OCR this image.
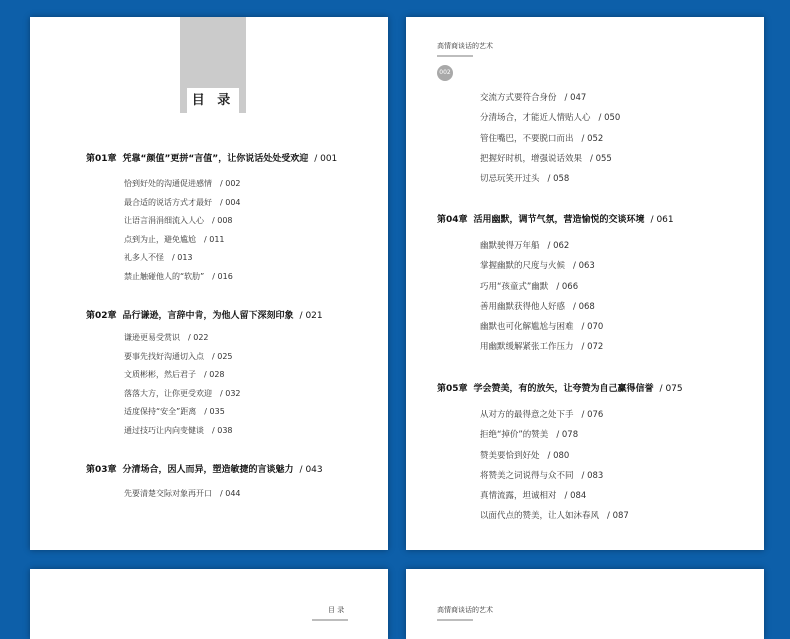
目 录
第01章 凭靠“颜值”更拼“言值”，让你说话处处受欢迎 / 001
恰到好处的沟通促进感情 / 002
最合适的说话方式才最好 / 004
让语言涓涓细流入人心 / 008
点到为止，避免尴尬 / 011
礼多人不怪 / 013
禁止触碰他人的“软肋” / 016
第02章 品行谦逊，言辞中肯，为他人留下深刻印象 / 021
谦逊更易受赏识 / 022
要事先找好沟通切入点 / 025
文质彬彬，然后君子 / 028
落落大方，让你更受欢迎 / 032
适度保持“安全”距离 / 035
通过技巧让内向变健谈 / 038
第03章 分清场合，因人而异，塑造敏捷的言谈魅力 / 043
先要清楚交际对象再开口 / 044
高情商谈话的艺术
002
交流方式要符合身份 / 047
分清场合，才能近人情贴人心 / 050
管住嘴巴，不要脱口而出 / 052
把握好时机，增强说话效果 / 055
切忌玩笑开过头 / 058
第04章 活用幽默，调节气氛，营造愉悦的交谈环境 / 061
幽默驶得万年船 / 062
掌握幽默的尺度与火候 / 063
巧用“孩童式”幽默 / 066
善用幽默获得他人好感 / 068
幽默也可化解尴尬与困难 / 070
用幽默缓解紧张工作压力 / 072
第05章 学会赞美，有的放矢，让夸赞为自己赢得信誉 / 075
从对方的最得意之处下手 / 076
拒绝“掉价”的赞美 / 078
赞美要恰到好处 / 080
将赞美之词说得与众不同 / 083
真情流露，坦诚相对 / 084
以面代点的赞美，让人如沐春风 / 087
目 录	高情商谈话的艺术
